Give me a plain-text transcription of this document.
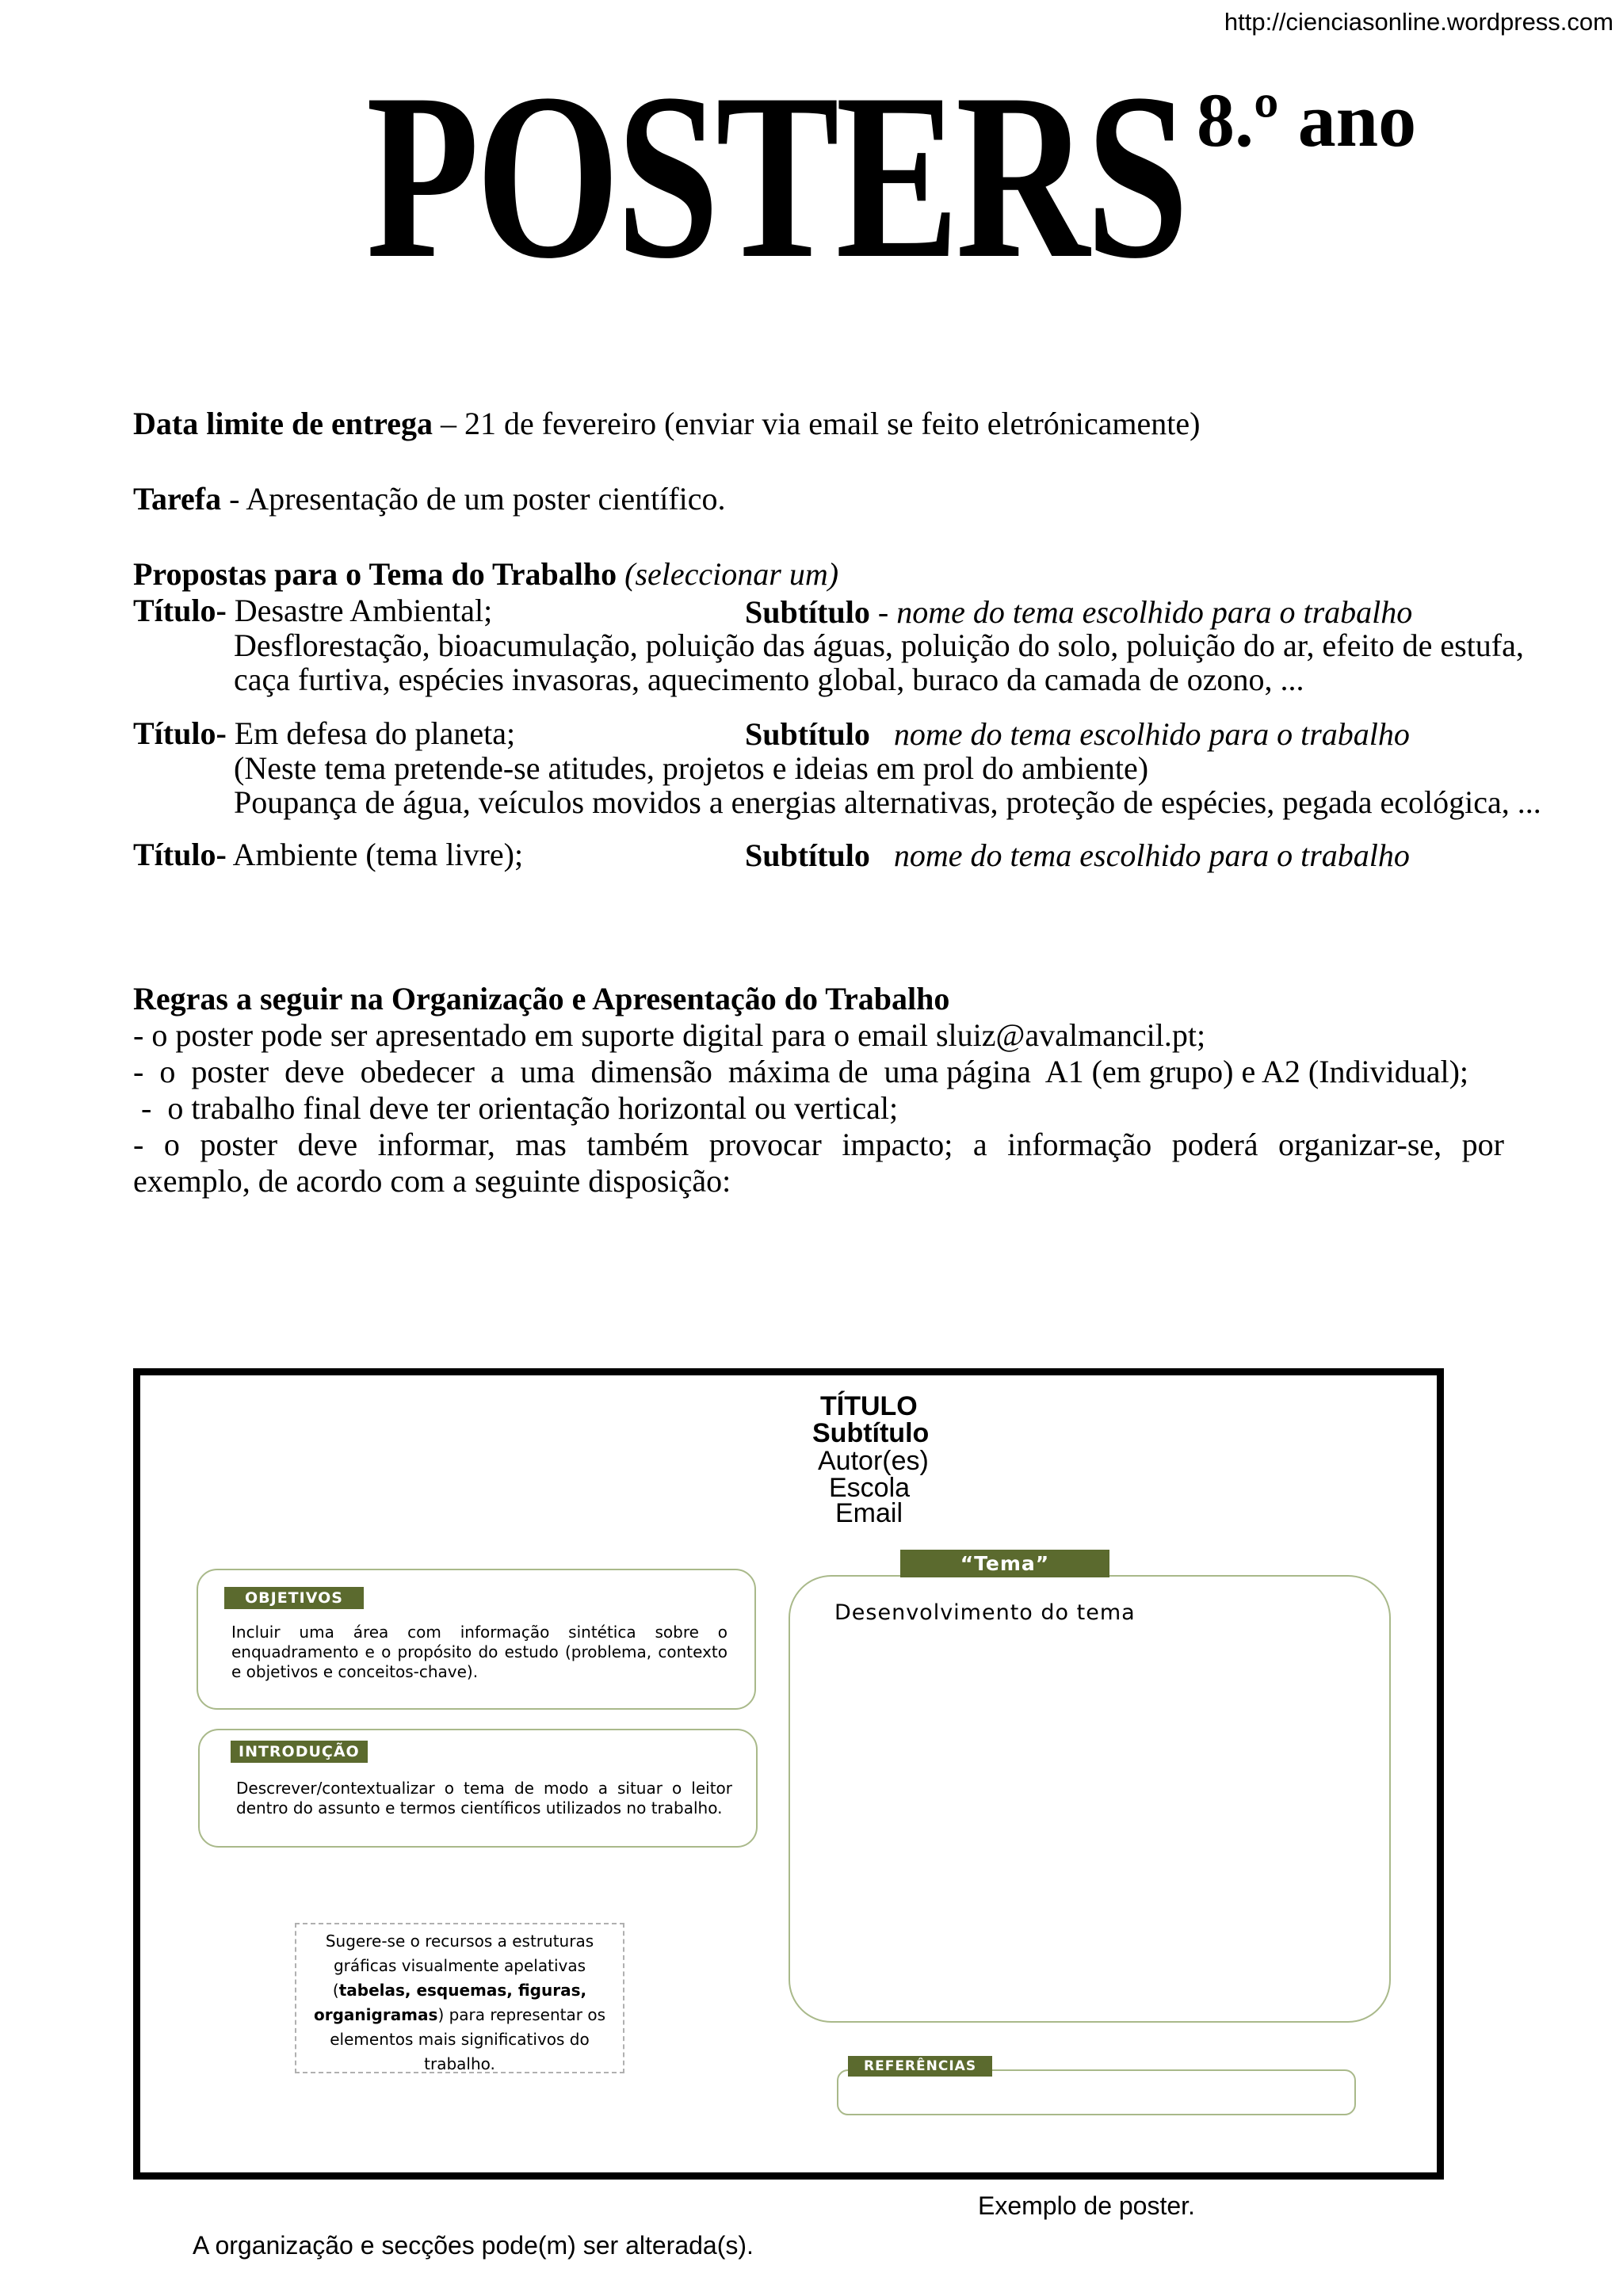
http://cienciasonline.wordpress.com
POSTERS 8.º ano
Data limite de entrega – 21 de fevereiro (enviar via email se feito eletrónicamente)
Tarefa - Apresentação de um poster científico.
Propostas para o Tema do Trabalho (seleccionar um)
Título- Desastre Ambiental;	Subtítulo - nome do tema escolhido para o trabalho
Desflorestação, bioacumulação, poluição das águas, poluição do solo, poluição do ar, efeito de estufa,
caça furtiva, espécies invasoras, aquecimento global, buraco da camada de ozono, ...
Título- Em defesa do planeta;	Subtítulo nome do tema escolhido para o trabalho
(Neste tema pretende-se atitudes, projetos e ideias em prol do ambiente)
Poupança de água, veículos movidos a energias alternativas, proteção de espécies, pegada ecológica, ...
Título- Ambiente (tema livre);	Subtítulo nome do tema escolhido para o trabalho
Regras a seguir na Organização e Apresentação do Trabalho
- o poster pode ser apresentado em suporte digital para o email sluiz@avalmancil.pt;
-  o  poster  deve  obedecer  a  uma  dimensão  máxima de  uma página  A1 (em grupo) e A2 (Individual);
-  o trabalho final deve ter orientação horizontal ou vertical;
- o poster deve informar, mas também provocar impacto; a informação poderá organizar-se, por
exemplo, de acordo com a seguinte disposição:
TÍTULO
Subtítulo
Autor(es)
Escola
Email
OBJETIVOS
Incluir uma área com informação sintética sobre o enquadramento e o propósito do estudo (problema, contexto e objetivos e conceitos-chave).
INTRODUÇÃO
Descrever/contextualizar o tema de modo a situar o leitor dentro do assunto e termos científicos utilizados no trabalho.
“Tema”
Desenvolvimento do tema
Sugere-se o recursos a estruturas gráficas visualmente apelativas (tabelas, esquemas, figuras, organigramas) para representar os elementos mais significativos do trabalho.	REFERÊNCIAS
Exemplo de poster.
A organização e secções pode(m) ser alterada(s).
